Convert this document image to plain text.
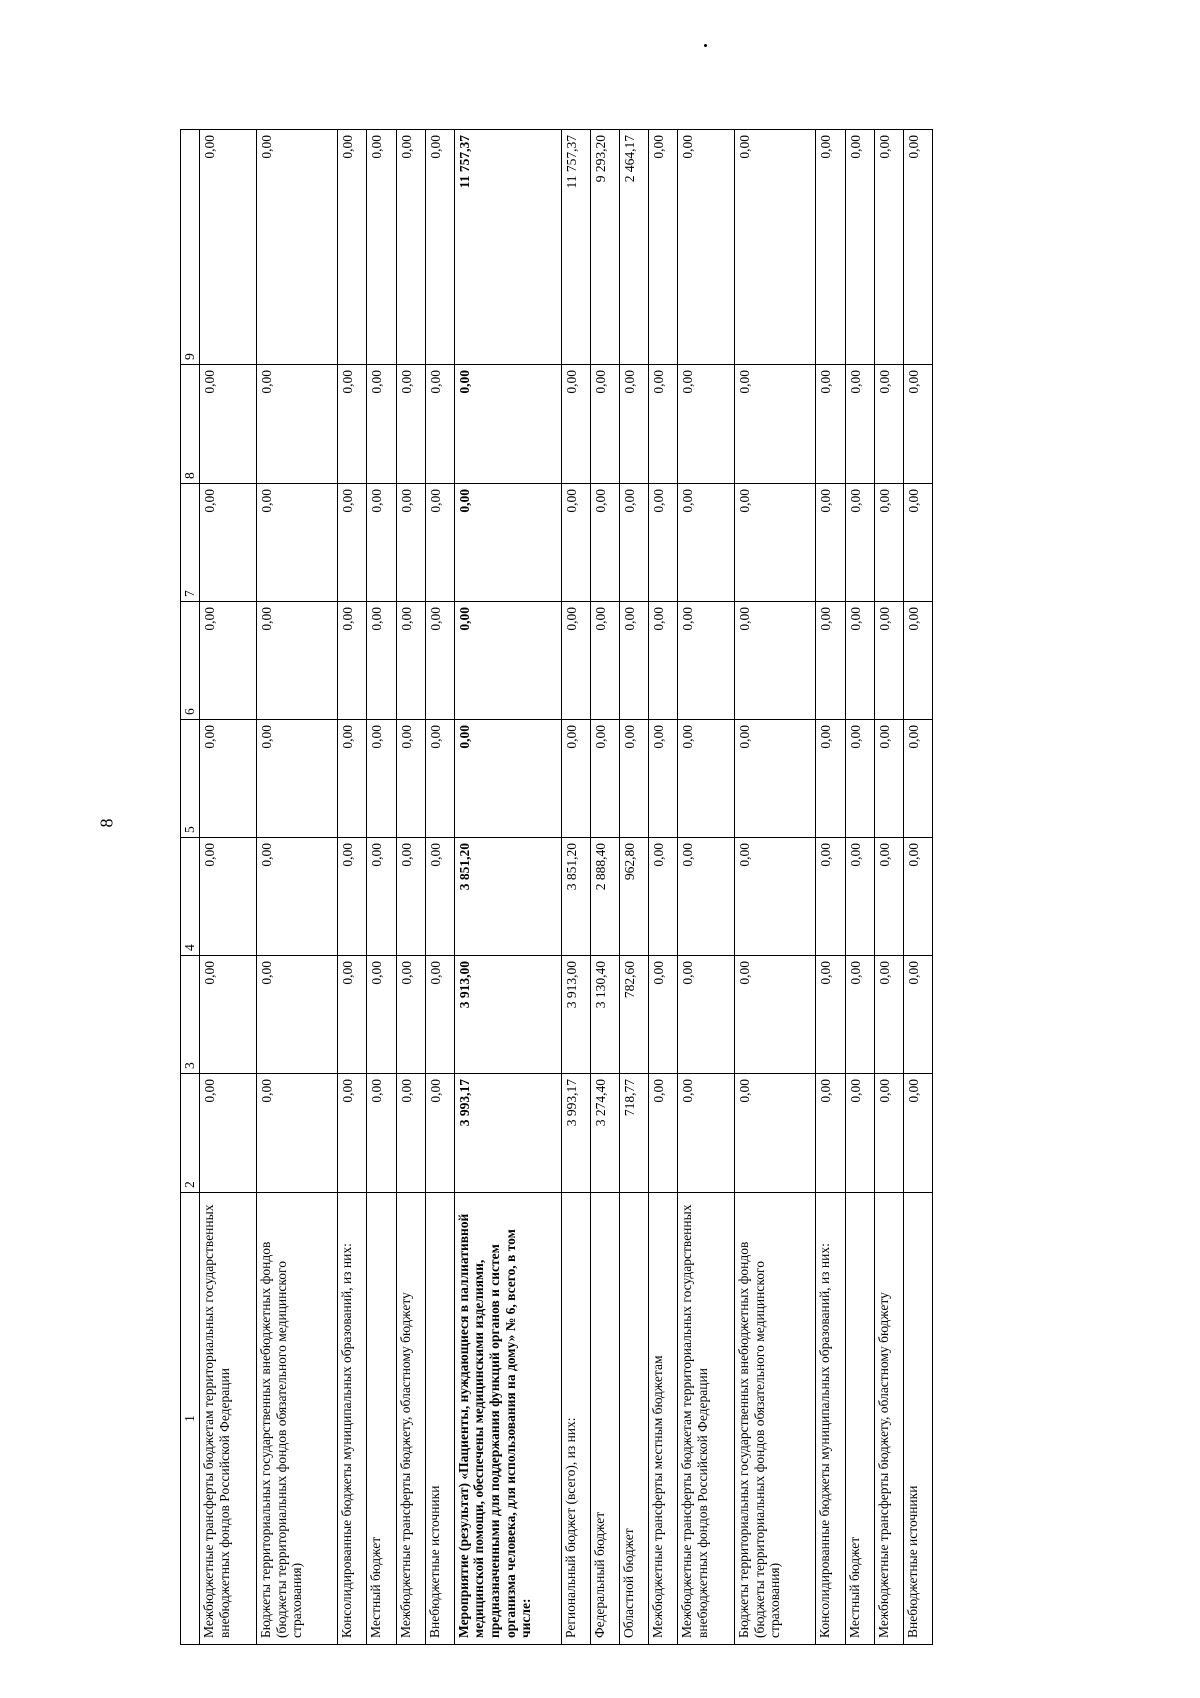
8
1	2	3	4	5	6	7	8	9
Межбюджетные трансферты бюджетам территориальных государственных внебюджетных фондов Российской Федерации	0,00	0,00	0,00	0,00	0,00	0,00	0,00	0,00
Бюджеты территориальных государственных внебюджетных фондов (бюджеты территориальных фондов обязательного медицинского страхования)	0,00	0,00	0,00	0,00	0,00	0,00	0,00	0,00
Консолидированные бюджеты муниципальных образований, из них:	0,00	0,00	0,00	0,00	0,00	0,00	0,00	0,00
Местный бюджет	0,00	0,00	0,00	0,00	0,00	0,00	0,00	0,00
Межбюджетные трансферты бюджету, областному бюджету	0,00	0,00	0,00	0,00	0,00	0,00	0,00	0,00
Внебюджетные источники	0,00	0,00	0,00	0,00	0,00	0,00	0,00	0,00
Мероприятие (результат) «Пациенты, нуждающиеся в паллиативной медицинской помощи, обеспечены медицинскими изделиями, предназначенными для поддержания функций органов и систем организма человека, для использования на дому» № 6, всего, в том числе:	3 993,17	3 913,00	3 851,20	0,00	0,00	0,00	0,00	11 757,37
Региональный бюджет (всего), из них:	3 993,17	3 913,00	3 851,20	0,00	0,00	0,00	0,00	11 757,37
Федеральный бюджет	3 274,40	3 130,40	2 888,40	0,00	0,00	0,00	0,00	9 293,20
Областной бюджет	718,77	782,60	962,80	0,00	0,00	0,00	0,00	2 464,17
Межбюджетные трансферты местным бюджетам	0,00	0,00	0,00	0,00	0,00	0,00	0,00	0,00
Межбюджетные трансферты бюджетам территориальных государственных внебюджетных фондов Российской Федерации	0,00	0,00	0,00	0,00	0,00	0,00	0,00	0,00
Бюджеты территориальных государственных внебюджетных фондов (бюджеты территориальных фондов обязательного медицинского страхования)	0,00	0,00	0,00	0,00	0,00	0,00	0,00	0,00
Консолидированные бюджеты муниципальных образований, из них:	0,00	0,00	0,00	0,00	0,00	0,00	0,00	0,00
Местный бюджет	0,00	0,00	0,00	0,00	0,00	0,00	0,00	0,00
Межбюджетные трансферты бюджету, областному бюджету	0,00	0,00	0,00	0,00	0,00	0,00	0,00	0,00
Внебюджетные источники	0,00	0,00	0,00	0,00	0,00	0,00	0,00	0,00
